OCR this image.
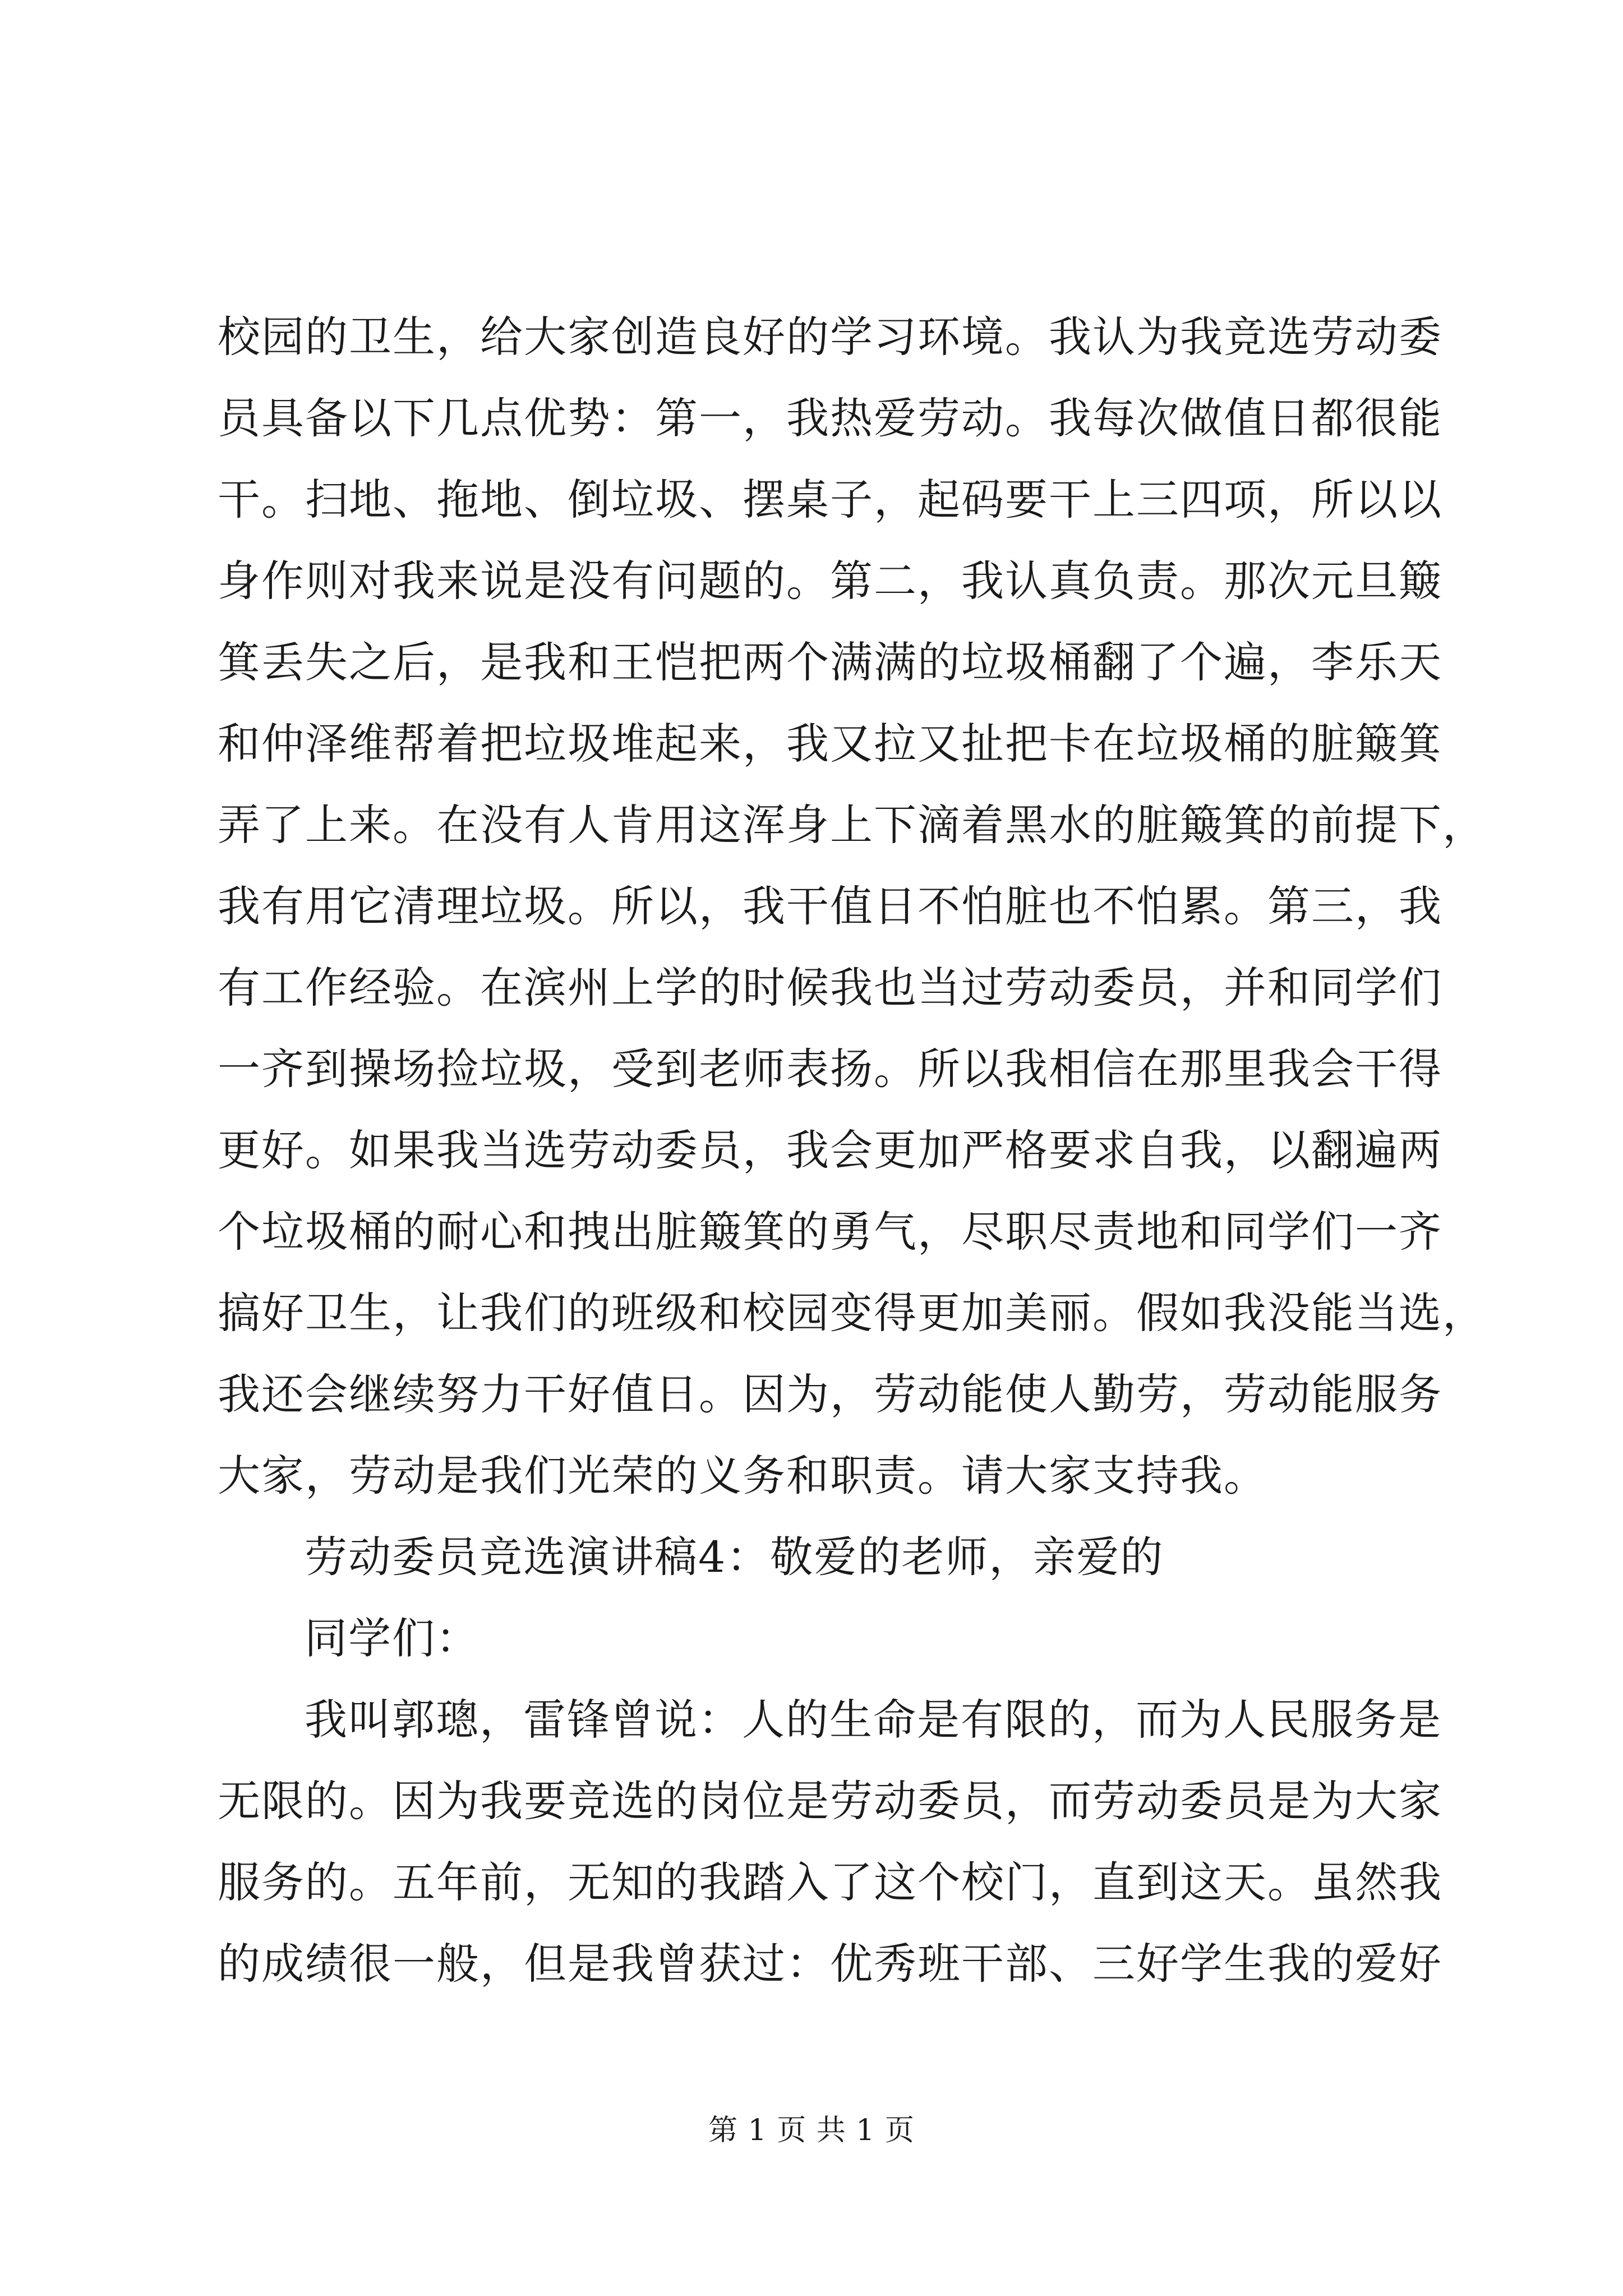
校园的卫生，给大家创造良好的学习环境。我认为我竞选劳动委
员具备以下几点优势：第一，我热爱劳动。我每次做值日都很能
干。扫地、拖地、倒垃圾、摆桌子，起码要干上三四项，所以以
身作则对我来说是没有问题的。第二，我认真负责。那次元旦簸
箕丢失之后，是我和王恺把两个满满的垃圾桶翻了个遍，李乐天
和仲泽维帮着把垃圾堆起来，我又拉又扯把卡在垃圾桶的脏簸箕
弄了上来。在没有人肯用这浑身上下滴着黑水的脏簸箕的前提下，
我有用它清理垃圾。所以，我干值日不怕脏也不怕累。第三，我
有工作经验。在滨州上学的时候我也当过劳动委员，并和同学们
一齐到操场捡垃圾，受到老师表扬。所以我相信在那里我会干得
更好。如果我当选劳动委员，我会更加严格要求自我，以翻遍两
个垃圾桶的耐心和拽出脏簸箕的勇气，尽职尽责地和同学们一齐
搞好卫生，让我们的班级和校园变得更加美丽。假如我没能当选，
我还会继续努力干好值日。因为，劳动能使人勤劳，劳动能服务
大家，劳动是我们光荣的义务和职责。请大家支持我。
劳动委员竞选演讲稿4：敬爱的老师，亲爱的
同学们：
我叫郭璁，雷锋曾说：人的生命是有限的，而为人民服务是
无限的。因为我要竞选的岗位是劳动委员，而劳动委员是为大家
服务的。五年前，无知的我踏入了这个校门，直到这天。虽然我
的成绩很一般，但是我曾获过：优秀班干部、三好学生我的爱好
第 1 页 共 1 页
